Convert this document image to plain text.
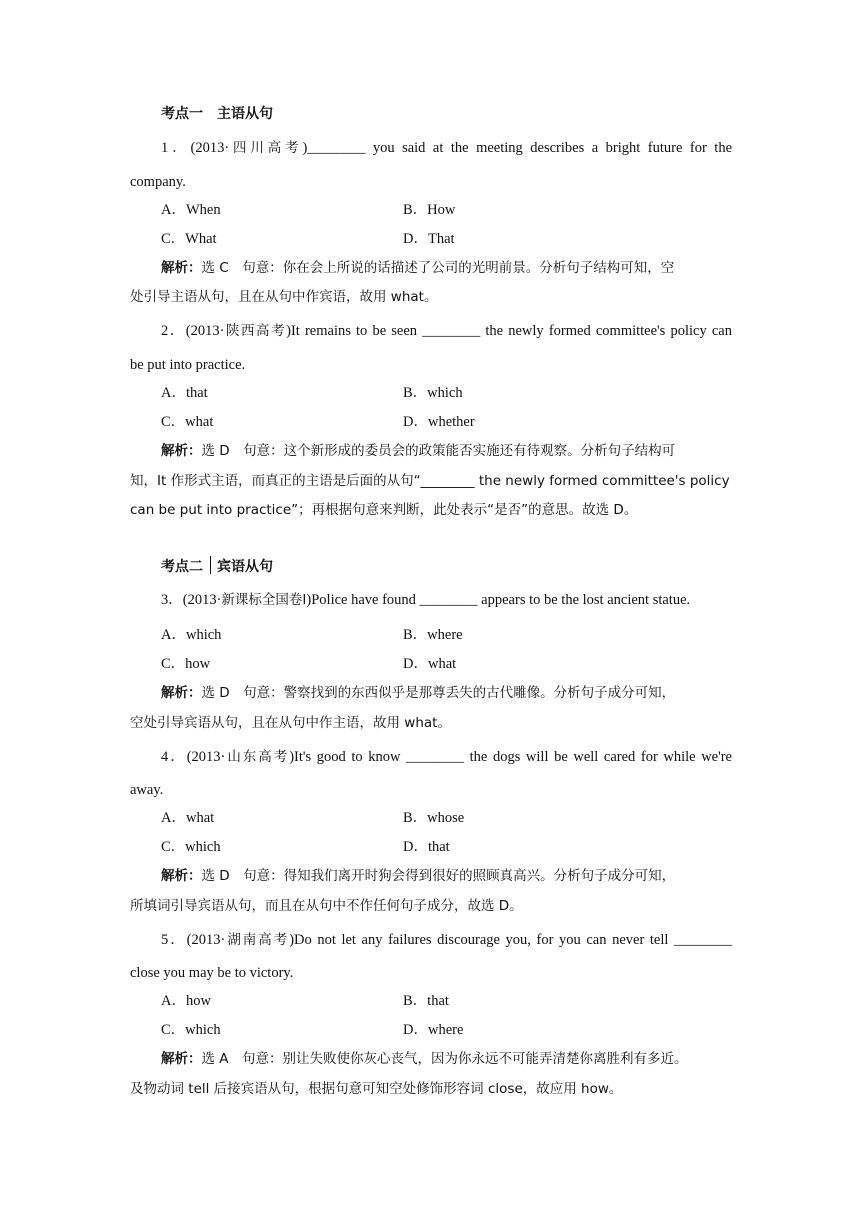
考点一　主语从句
1．(2013·四川高考)________ you said at the meeting describes a bright future for the
company.
A．When	B．How
C．What	D．That
解析：选 C　句意：你在会上所说的话描述了公司的光明前景。分析句子结构可知，空
处引导主语从句，且在从句中作宾语，故用 what。
2．(2013·陕西高考)It remains to be seen ________ the newly formed committee's policy can
be put into practice.
A．that	B．which
C．what	D．whether
解析：选 D　句意：这个新形成的委员会的政策能否实施还有待观察。分析句子结构可
知，It 作形式主语，而真正的主语是后面的从句“________ the newly formed committee's policy
can be put into practice”；再根据句意来判断，此处表示“是否”的意思。故选 D。
考点二 宾语从句
3．(2013·新课标全国卷Ⅰ)Police have found ________ appears to be the lost ancient statue.
A．which	B．where
C．how	D．what
解析：选 D　句意：警察找到的东西似乎是那尊丢失的古代雕像。分析句子成分可知，
空处引导宾语从句，且在从句中作主语，故用 what。
4．(2013·山东高考)It's good to know ________ the dogs will be well cared for while we're
away.
A．what	B．whose
C．which	D．that
解析：选 D　句意：得知我们离开时狗会得到很好的照顾真高兴。分析句子成分可知，
所填词引导宾语从句，而且在从句中不作任何句子成分，故选 D。
5．(2013·湖南高考)Do not let any failures discourage you, for you can never tell ________
close you may be to victory.
A．how	B．that
C．which	D．where
解析：选 A　句意：别让失败使你灰心丧气，因为你永远不可能弄清楚你离胜利有多近。
及物动词 tell 后接宾语从句，根据句意可知空处修饰形容词 close，故应用 how。
